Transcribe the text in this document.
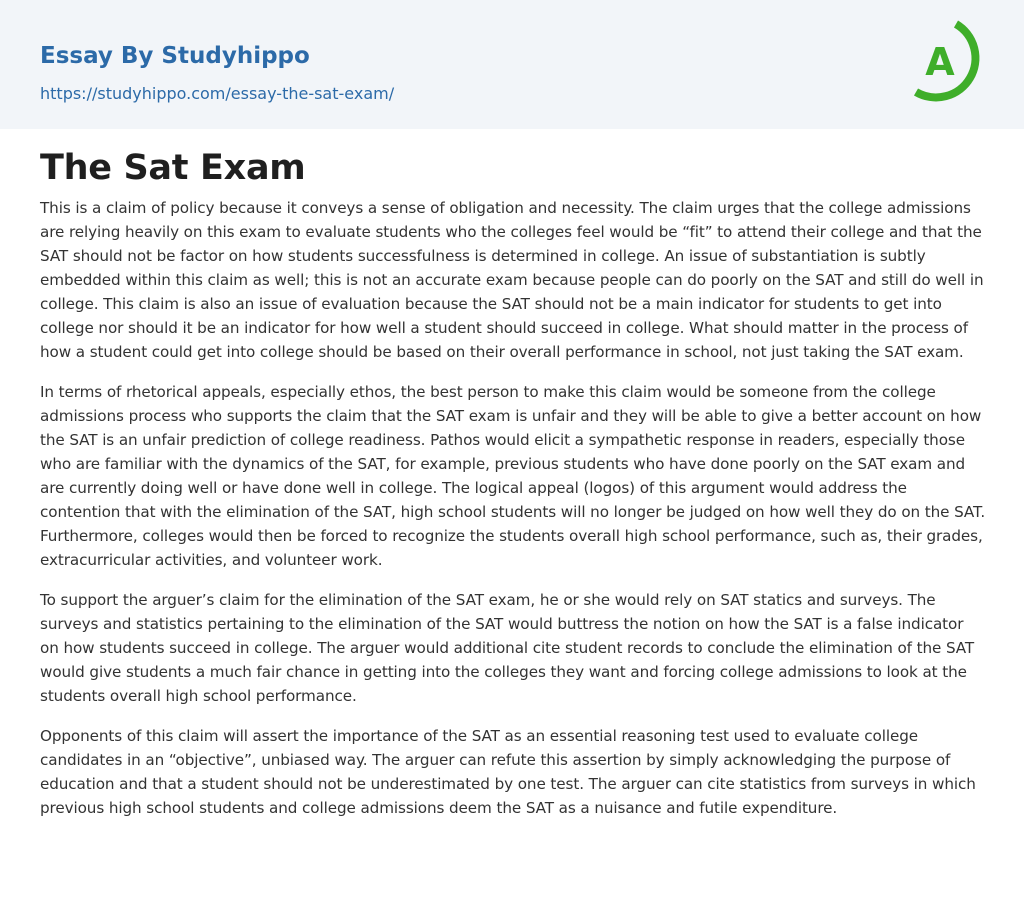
Essay By Studyhippo
https://studyhippo.com/essay-the-sat-exam/
A
The Sat Exam

This is a claim of policy because it conveys a sense of obligation and necessity. The claim urges that the college admissions are relying heavily on this exam to evaluate students who the colleges feel would be “fit” to attend their college and that the SAT should not be factor on how students successfulness is determined in college. An issue of substantiation is subtly embedded within this claim as well; this is not an accurate exam because people can do poorly on the SAT and still do well in college. This claim is also an issue of evaluation because the SAT should not be a main indicator for students to get into college nor should it be an indicator for how well a student should succeed in college. What should matter in the process of how a student could get into college should be based on their overall performance in school, not just taking the SAT exam.

In terms of rhetorical appeals, especially ethos, the best person to make this claim would be someone from the college admissions process who supports the claim that the SAT exam is unfair and they will be able to give a better account on how the SAT is an unfair prediction of college readiness. Pathos would elicit a sympathetic response in readers, especially those who are familiar with the dynamics of the SAT, for example, previous students who have done poorly on the SAT exam and are currently doing well or have done well in college. The logical appeal (logos) of this argument would address the contention that with the elimination of the SAT, high school students will no longer be judged on how well they do on the SAT. Furthermore, colleges would then be forced to recognize the students overall high school performance, such as, their grades, extracurricular activities, and volunteer work.

To support the arguer’s claim for the elimination of the SAT exam, he or she would rely on SAT statics and surveys. The surveys and statistics pertaining to the elimination of the SAT would buttress the notion on how the SAT is a false indicator on how students succeed in college. The arguer would additional cite student records to conclude the elimination of the SAT would give students a much fair chance in getting into the colleges they want and forcing college admissions to look at the students overall high school performance.

Opponents of this claim will assert the importance of the SAT as an essential reasoning test used to evaluate college candidates in an “objective”, unbiased way. The arguer can refute this assertion by simply acknowledging the purpose of education and that a student should not be underestimated by one test. The arguer can cite statistics from surveys in which previous high school students and college admissions deem the SAT as a nuisance and futile expenditure.
